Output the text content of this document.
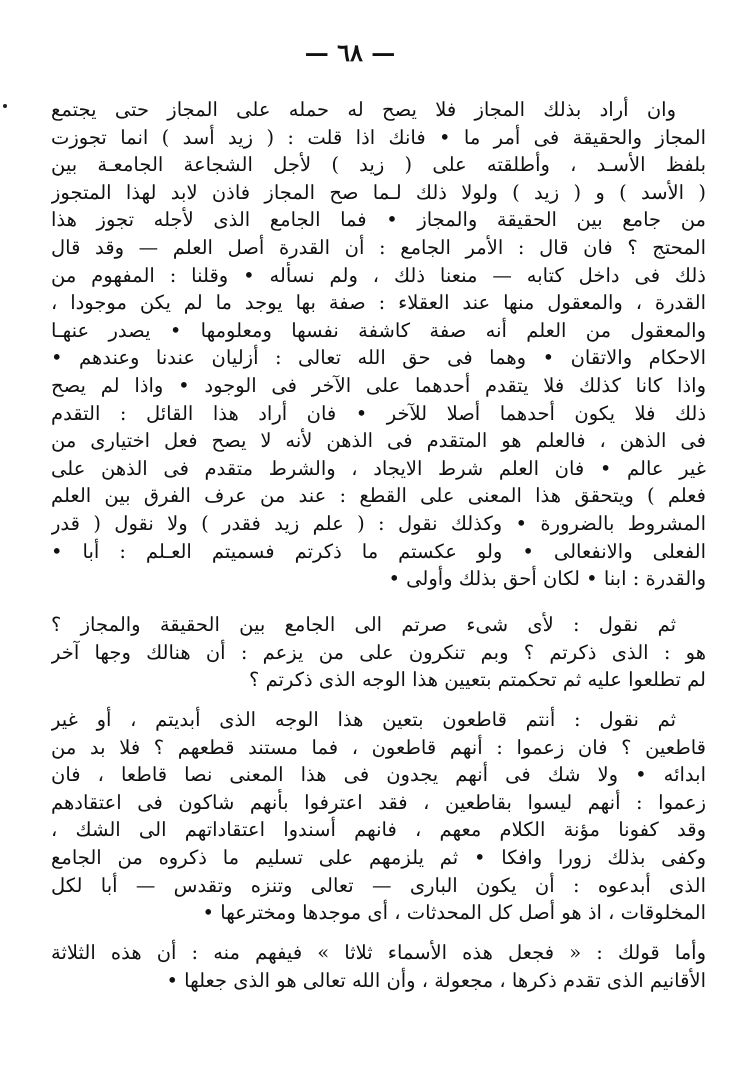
— ٦٨ —
وان أراد بذلك المجاز فلا يصح له حمله على المجاز حتى يجتمع
المجاز والحقيقة فى أمر ما • فانك اذا قلت : ( زيد أسد ) انما تجوزت
بلفظ الأسـد ، وأطلقته على ( زيد ) لأجل الشجاعة الجامعـة بين
( الأسد ) و ( زيد ) ولولا ذلك لـما صح المجاز فاذن لابد لهذا المتجوز
من جامع بين الحقيقة والمجاز • فما الجامع الذى لأجله تجوز هذا
المحتج ؟ فان قال : الأمر الجامع : أن القدرة أصل العلم — وقد قال
ذلك فى داخل كتابه — منعنا ذلك ، ولم نسأله • وقلنا : المفهوم من
القدرة ، والمعقول منها عند العقلاء : صفة بها يوجد ما لم يكن موجودا ،
والمعقول من العلم أنه صفة كاشفة نفسها ومعلومها • يصدر عنهـا
الاحكام والاتقان • وهما فى حق الله تعالى : أزليان عندنا وعندهم •
واذا كانا كذلك فلا يتقدم أحدهما على الآخر فى الوجود • واذا لم يصح
ذلك فلا يكون أحدهما أصلا للآخر • فان أراد هذا القائل : التقدم
فى الذهن ، فالعلم هو المتقدم فى الذهن لأنه لا يصح فعل اختيارى من
غير عالم • فان العلم شرط الايجاد ، والشرط متقدم فى الذهن على
فعلم ) ويتحقق هذا المعنى على القطع : عند من عرف الفرق بين العلم
المشروط بالضرورة • وكذلك نقول : ( علم زيد فقدر ) ولا نقول ( قدر
الفعلى والانفعالى • ولو عكستم ما ذكرتم فسميتم العـلم : أبا •
والقدرة : ابنا • لكان أحق بذلك وأولى •
ثم نقول : لأى شىء صرتم الى الجامع بين الحقيقة والمجاز ؟
هو : الذى ذكرتم ؟ وبم تنكرون على من يزعم : أن هنالك وجها آخر
لم تطلعوا عليه ثم تحكمتم بتعيين هذا الوجه الذى ذكرتم ؟
ثم نقول : أنتم قاطعون بتعين هذا الوجه الذى أبديتم ، أو غير
قاطعين ؟ فان زعموا : أنهم قاطعون ، فما مستند قطعهم ؟ فلا بد من
ابدائه • ولا شك فى أنهم يجدون فى هذا المعنى نصا قاطعا ، فان
زعموا : أنهم ليسوا بقاطعين ، فقد اعترفوا بأنهم شاكون فى اعتقادهم
وقد كفونا مؤنة الكلام معهم ، فانهم أسندوا اعتقاداتهم الى الشك ،
وكفى بذلك زورا وافكا • ثم يلزمهم على تسليم ما ذكروه من الجامع
الذى أبدعوه : أن يكون البارى — تعالى وتنزه وتقدس — أبا لكل
المخلوقات ، اذ هو أصل كل المحدثات ، أى موجدها ومخترعها •
وأما قولك : « فجعل هذه الأسماء ثلاثا » فيفهم منه : أن هذه الثلاثة
الأقانيم الذى تقدم ذكرها ، مجعولة ، وأن الله تعالى هو الذى جعلها •
